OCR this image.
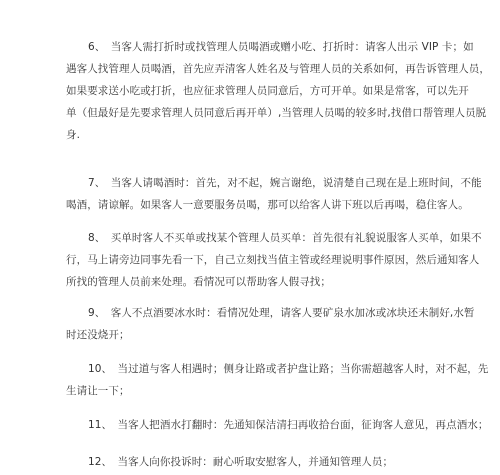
6、　当客人需打折时或找管理人员喝酒或赠小吃、打折时：请客人出示 VIP 卡；如
遇客人找管理人员喝酒，首先应弄清客人姓名及与管理人员的关系如何，再告诉管理人员，
如果要求送小吃或打折，也应征求管理人员同意后，方可开单。如果是常客，可以先开
单（但最好是先要求管理人员同意后再开单）,当管理人员喝的较多时,找借口帮管理人员脱
身.
7、　当客人请喝酒时：首先，对不起，婉言谢绝，说清楚自己现在是上班时间，不能
喝酒，请谅解。如果客人一意要服务员喝，那可以给客人讲下班以后再喝，稳住客人。
8、　买单时客人不买单或找某个管理人员买单：首先很有礼貌说服客人买单，如果不
行，马上请旁边同事先看一下，自己立刻找当值主管或经理说明事件原因，然后通知客人
所找的管理人员前来处理。看情况可以帮助客人假寻找；
9、　客人不点酒要冰水时：看情况处理，请客人要矿泉水加冰或冰块还未制好,水暂
时还没烧开；
10、　当过道与客人相遇时；侧身让路或者护盘让路；当你需超越客人时，对不起，先
生请让一下；
11、　当客人把酒水打翻时：先通知保洁清扫再收拾台面，征询客人意见，再点酒水；
12、　当客人向你投诉时：耐心听取安慰客人，并通知管理人员；
